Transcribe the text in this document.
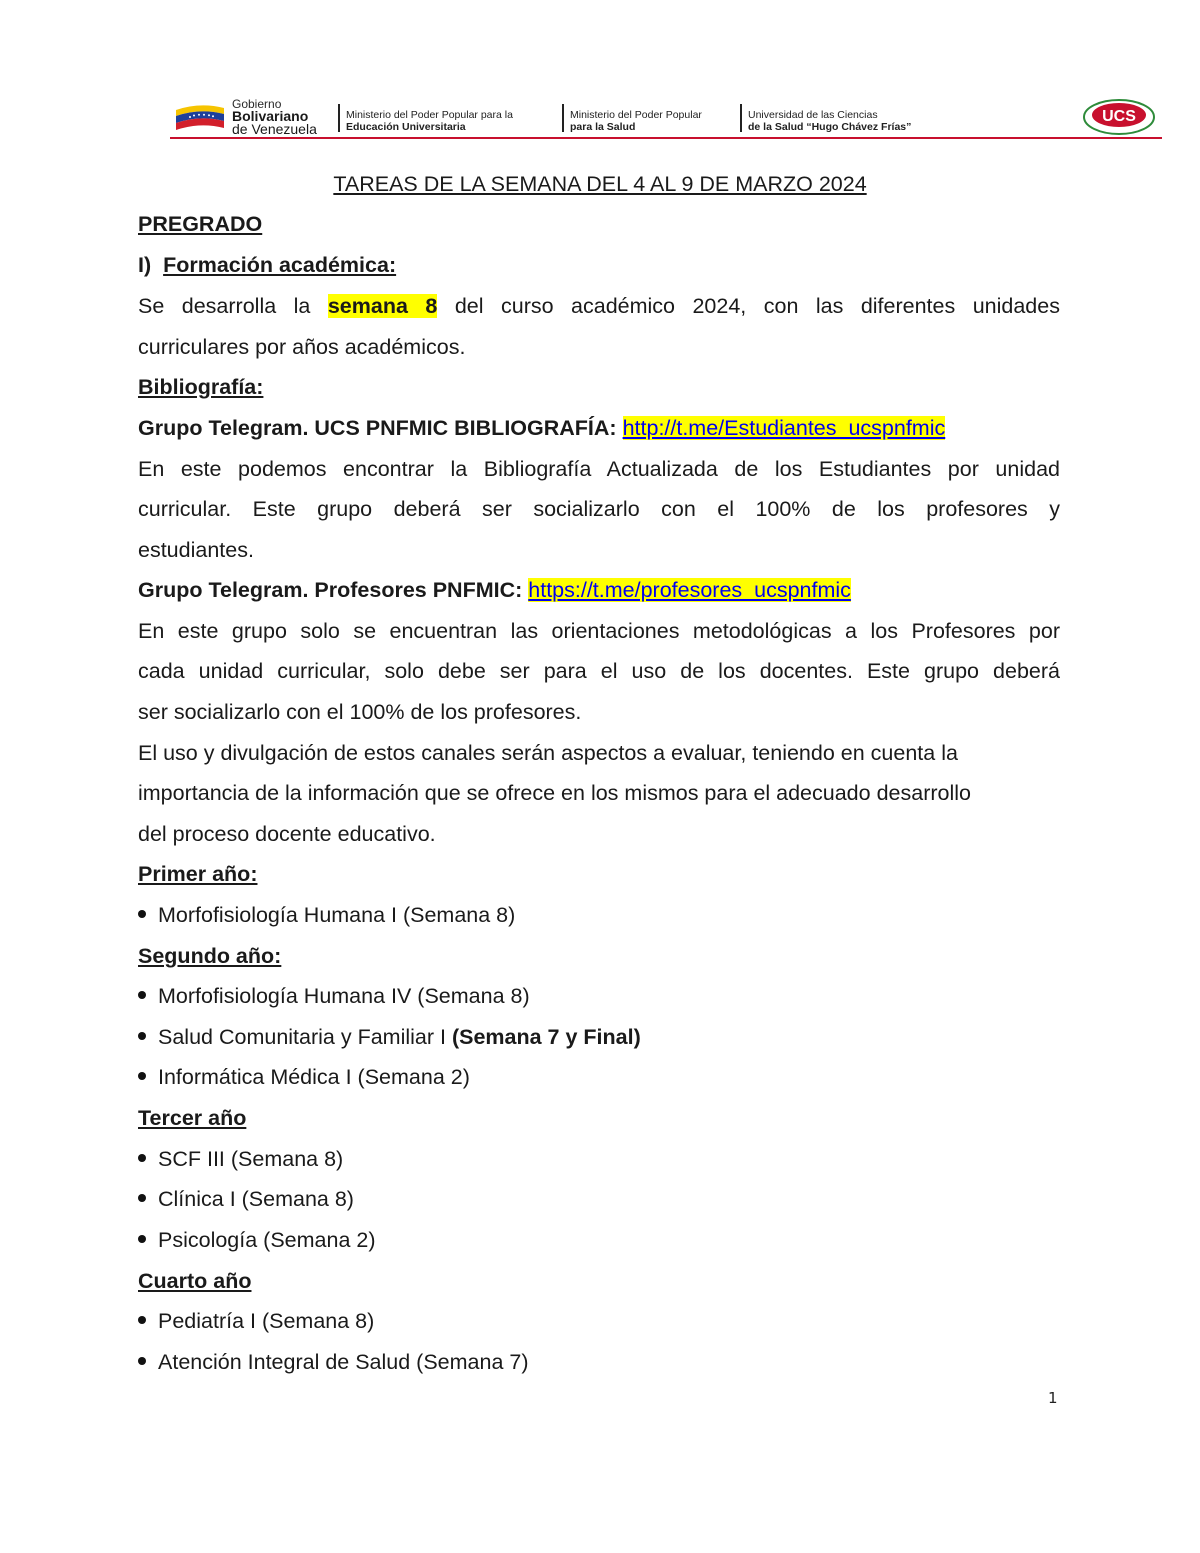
Gobierno
Bolivariano
de Venezuela
Ministerio del Poder Popular para la
Educación Universitaria
Ministerio del Poder Popular
para la Salud
Universidad de las Ciencias
de la Salud “Hugo Chávez Frías”
UCS
TAREAS DE LA SEMANA DEL 4 AL 9 DE MARZO 2024
PREGRADO
I) Formación académica:
Se desarrolla la semana 8 del curso académico 2024, con las diferentes unidades
curriculares por años académicos.
Bibliografía:
Grupo Telegram. UCS PNFMIC BIBLIOGRAFÍA: http://t.me/Estudiantes_ucspnfmic
En este podemos encontrar la Bibliografía Actualizada de los Estudiantes por unidad
curricular. Este grupo deberá ser socializarlo con el 100% de los profesores y
estudiantes.
Grupo Telegram. Profesores PNFMIC: https://t.me/profesores_ucspnfmic
En este grupo solo se encuentran las orientaciones metodológicas a los Profesores por
cada unidad curricular, solo debe ser para el uso de los docentes. Este grupo deberá
ser socializarlo con el 100% de los profesores.
El uso y divulgación de estos canales serán aspectos a evaluar, teniendo en cuenta la
importancia de la información que se ofrece en los mismos para el adecuado desarrollo
del proceso docente educativo.
Primer año:
Morfofisiología Humana I (Semana 8)
Segundo año:
Morfofisiología Humana IV (Semana 8)
Salud Comunitaria y Familiar I (Semana 7 y Final)
Informática Médica I (Semana 2)
Tercer año
SCF III (Semana 8)
Clínica I (Semana 8)
Psicología (Semana 2)
Cuarto año
Pediatría I (Semana 8)
Atención Integral de Salud (Semana 7)
1
